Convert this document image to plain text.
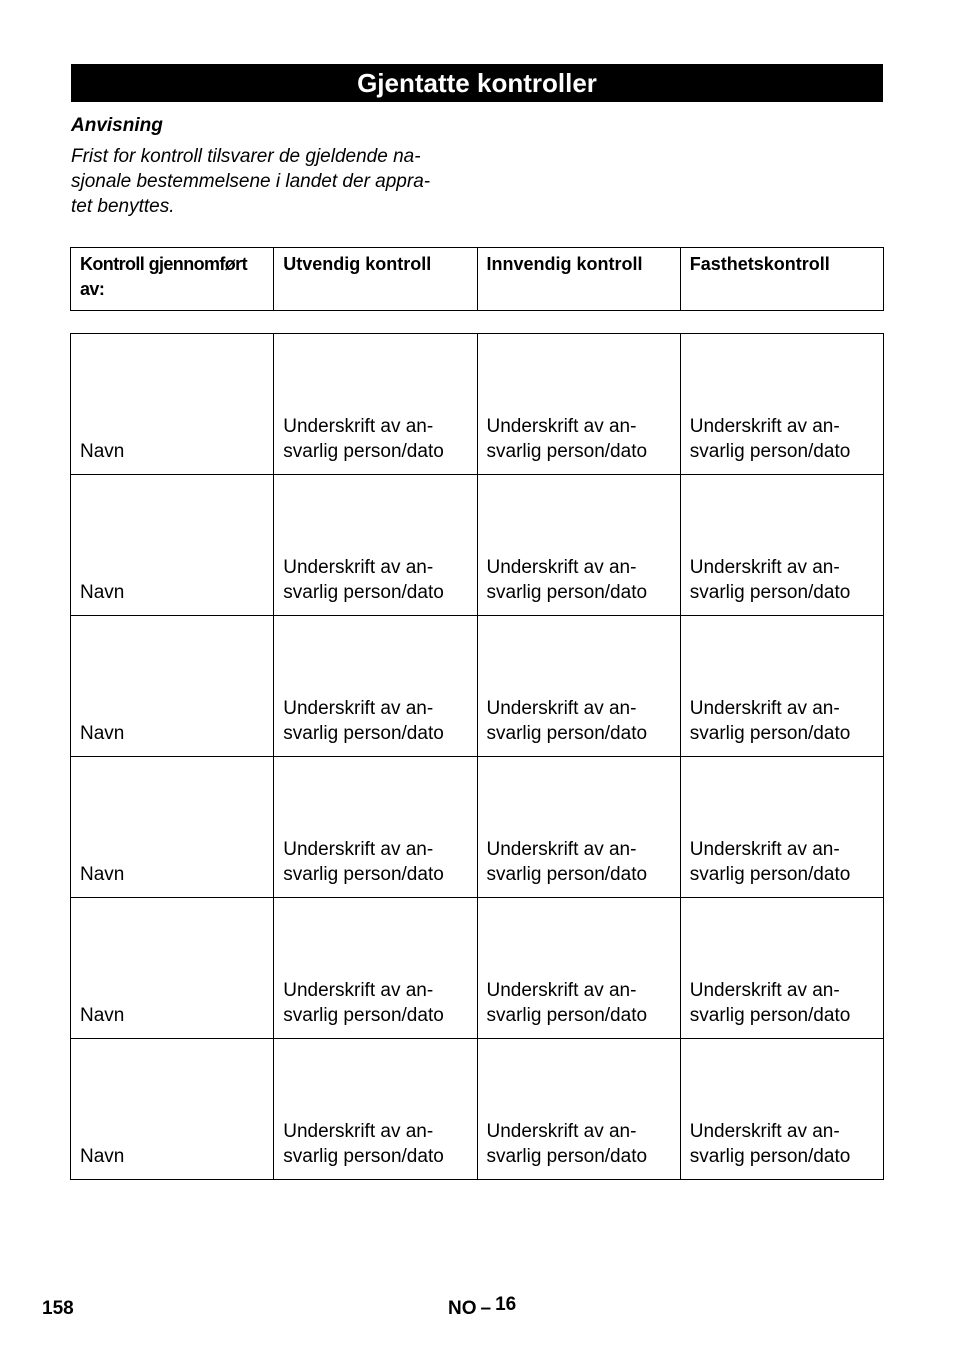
Gjentatte kontroller
Anvisning
Frist for kontroll tilsvarer de gjeldende na-
sjonale bestemmelsene i landet der appra-
tet benyttes.
Kontroll gjennomført av:	Utvendig kontroll	Innvendig kontroll	Fasthetskontroll
Navn	Underskrift av an-
svarlig person/dato	Underskrift av an-
svarlig person/dato	Underskrift av an-
svarlig person/dato

Navn	Underskrift av an-
svarlig person/dato	Underskrift av an-
svarlig person/dato	Underskrift av an-
svarlig person/dato

Navn	Underskrift av an-
svarlig person/dato	Underskrift av an-
svarlig person/dato	Underskrift av an-
svarlig person/dato

Navn	Underskrift av an-
svarlig person/dato	Underskrift av an-
svarlig person/dato	Underskrift av an-
svarlig person/dato

Navn	Underskrift av an-
svarlig person/dato	Underskrift av an-
svarlig person/dato	Underskrift av an-
svarlig person/dato

Navn	Underskrift av an-
svarlig person/dato	Underskrift av an-
svarlig person/dato	Underskrift av an-
svarlig person/dato
158	NO – 16
